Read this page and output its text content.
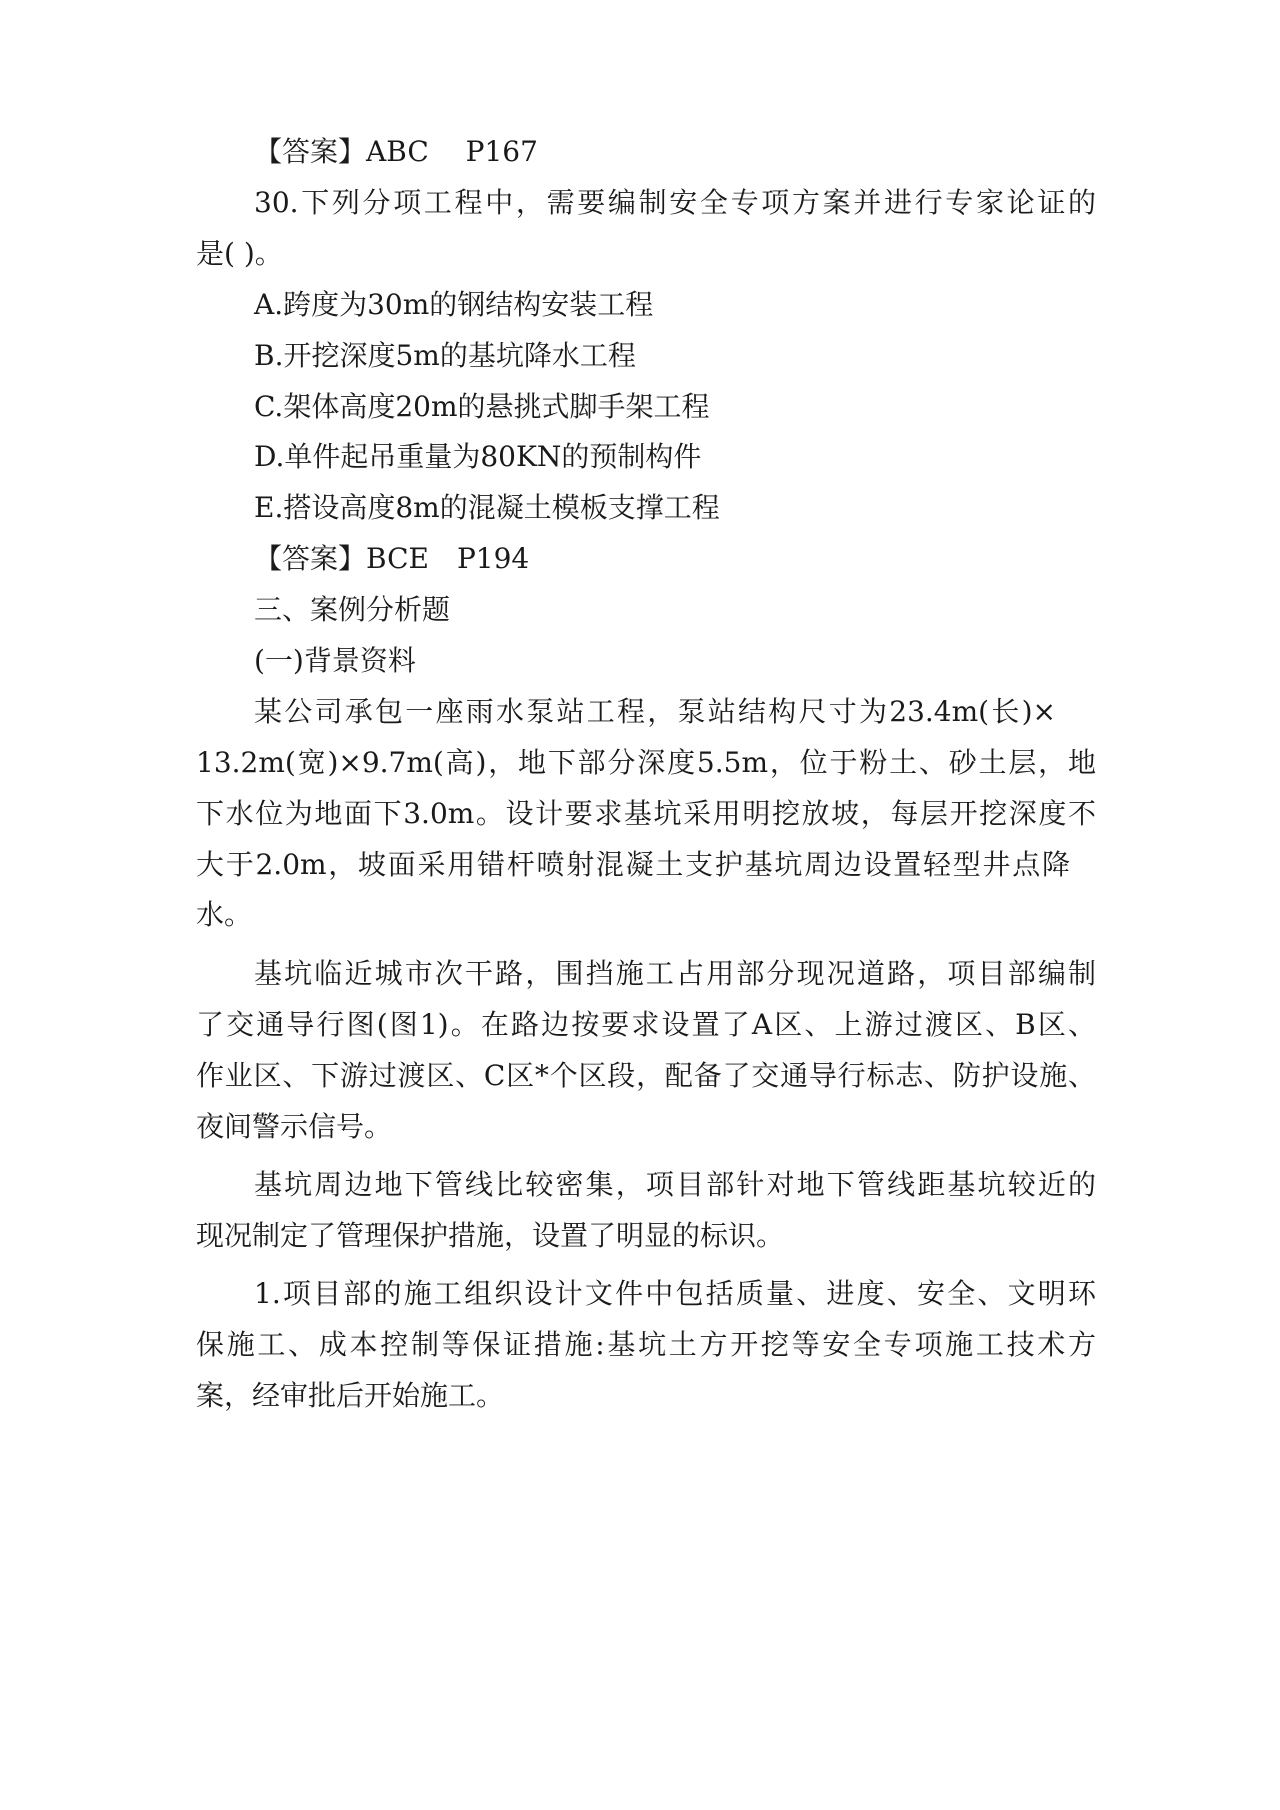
【答案】ABC　 P167
30.下列分项工程中，需要编制安全专项方案并进行专家论证的
是( )。
A.跨度为30m的钢结构安装工程
B.开挖深度5m的基坑降水工程
C.架体高度20m的悬挑式脚手架工程
D.单件起吊重量为80KN的预制构件
E.搭设高度8m的混凝土模板支撑工程
【答案】BCE　P194
三、案例分析题
(一)背景资料
某公司承包一座雨水泵站工程，泵站结构尺寸为23.4m(长)×
13.2m(宽)×9.7m(高)，地下部分深度5.5m，位于粉土、砂土层，地
下水位为地面下3.0m。设计要求基坑采用明挖放坡，每层开挖深度不
大于2.0m，坡面采用错杆喷射混凝土支护基坑周边设置轻型井点降
水。
基坑临近城市次干路，围挡施工占用部分现况道路，项目部编制
了交通导行图(图1)。在路边按要求设置了A区、上游过渡区、B区、
作业区、下游过渡区、C区*个区段，配备了交通导行标志、防护设施、
夜间警示信号。
基坑周边地下管线比较密集，项目部针对地下管线距基坑较近的
现况制定了管理保护措施，设置了明显的标识。
1.项目部的施工组织设计文件中包括质量、进度、安全、文明环
保施工、成本控制等保证措施:基坑土方开挖等安全专项施工技术方
案，经审批后开始施工。
